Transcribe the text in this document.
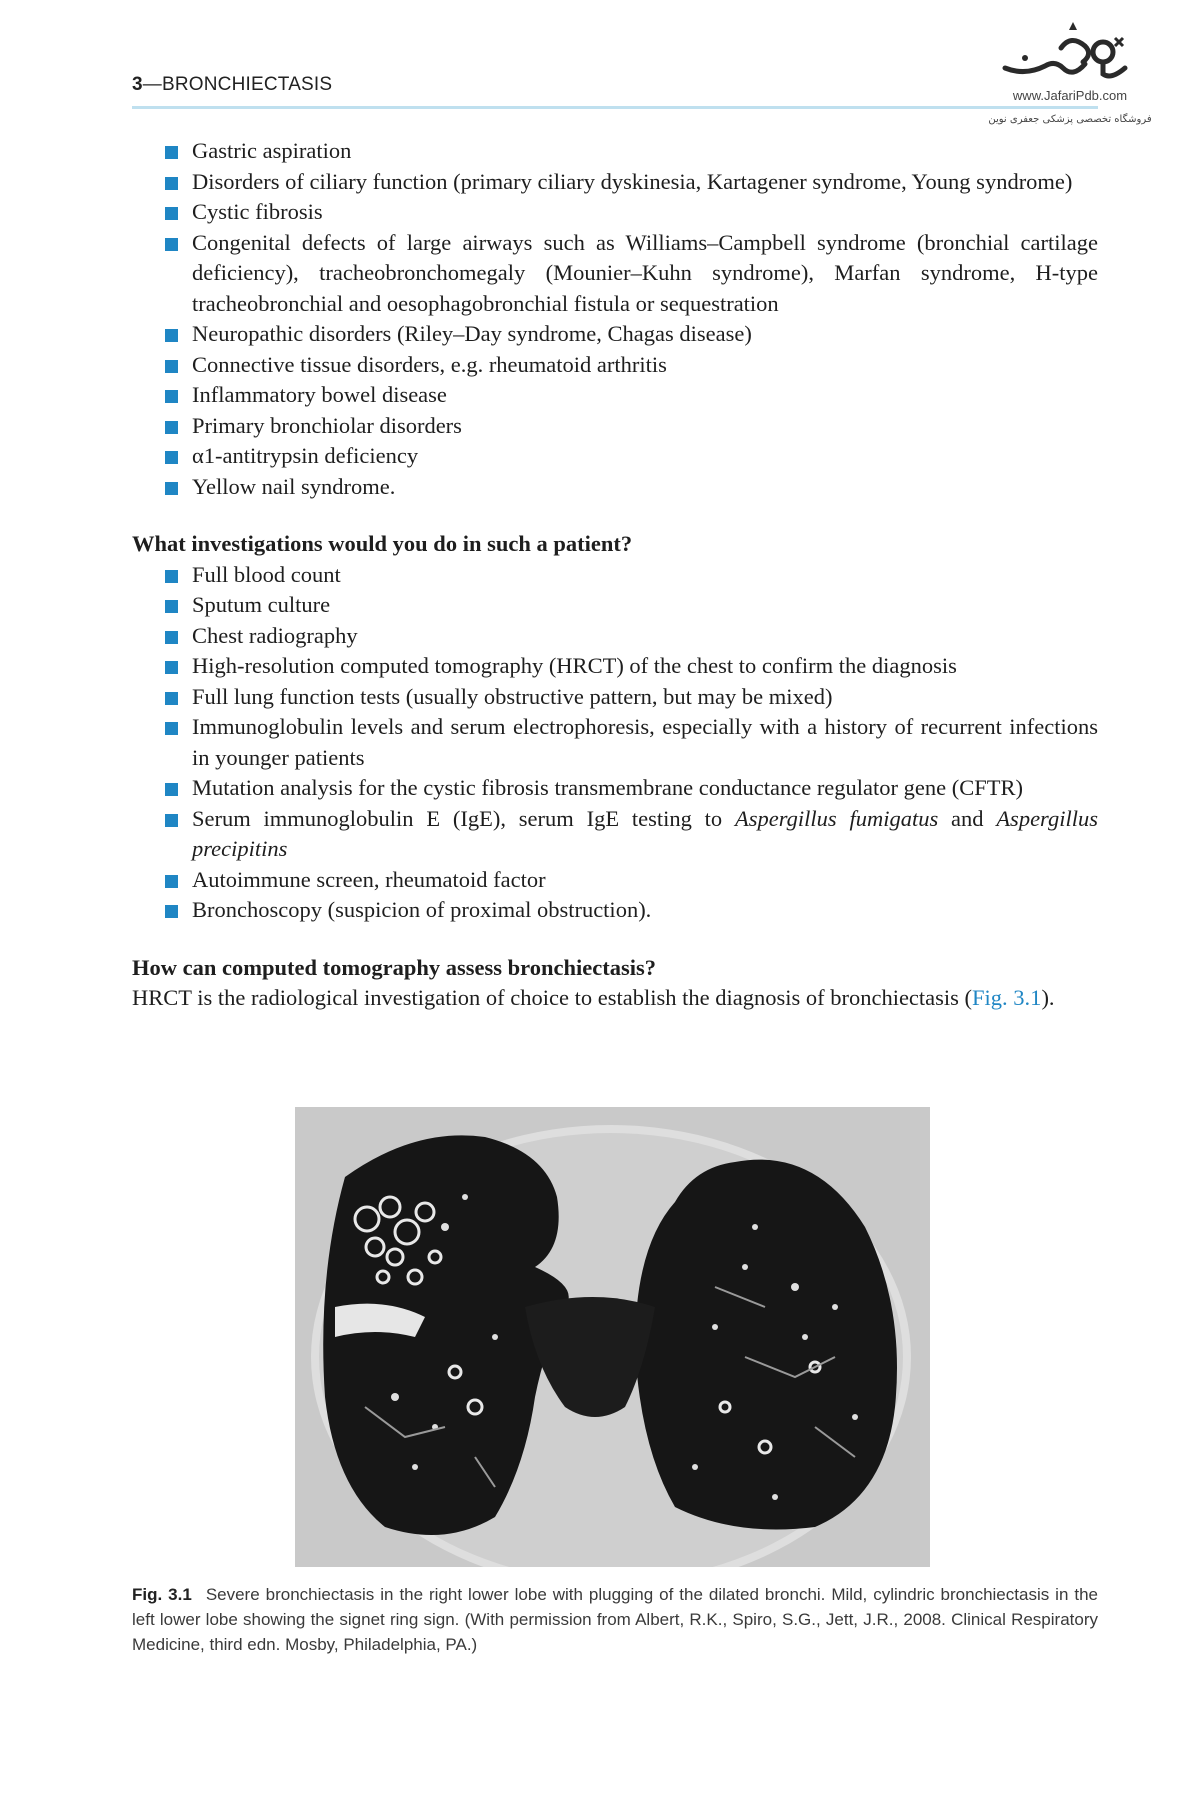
3—BRONCHIECTASIS
www.JafariPdb.com
فروشگاه تخصصی پزشکی جعفری نوین
Gastric aspiration
Disorders of ciliary function (primary ciliary dyskinesia, Kartagener syndrome, Young syndrome)
Cystic fibrosis
Congenital defects of large airways such as Williams–Campbell syndrome (bronchial cartilage deficiency), tracheobronchomegaly (Mounier–Kuhn syndrome), Marfan syndrome, H-type tracheobronchial and oesophagobronchial fistula or sequestration
Neuropathic disorders (Riley–Day syndrome, Chagas disease)
Connective tissue disorders, e.g. rheumatoid arthritis
Inflammatory bowel disease
Primary bronchiolar disorders
α1-antitrypsin deficiency
Yellow nail syndrome.
What investigations would you do in such a patient?
Full blood count
Sputum culture
Chest radiography
High-resolution computed tomography (HRCT) of the chest to confirm the diagnosis
Full lung function tests (usually obstructive pattern, but may be mixed)
Immunoglobulin levels and serum electrophoresis, especially with a history of recurrent infections in younger patients
Mutation analysis for the cystic fibrosis transmembrane conductance regulator gene (CFTR)
Serum immunoglobulin E (IgE), serum IgE testing to Aspergillus fumigatus and Aspergillus precipitins
Autoimmune screen, rheumatoid factor
Bronchoscopy (suspicion of proximal obstruction).
How can computed tomography assess bronchiectasis?

HRCT is the radiological investigation of choice to establish the diagnosis of bronchiectasis (Fig. 3.1).

Fig. 3.1 Severe bronchiectasis in the right lower lobe with plugging of the dilated bronchi. Mild, cylindric bronchiectasis in the left lower lobe showing the signet ring sign. (With permission from Albert, R.K., Spiro, S.G., Jett, J.R., 2008. Clinical Respiratory Medicine, third edn. Mosby, Philadelphia, PA.)
